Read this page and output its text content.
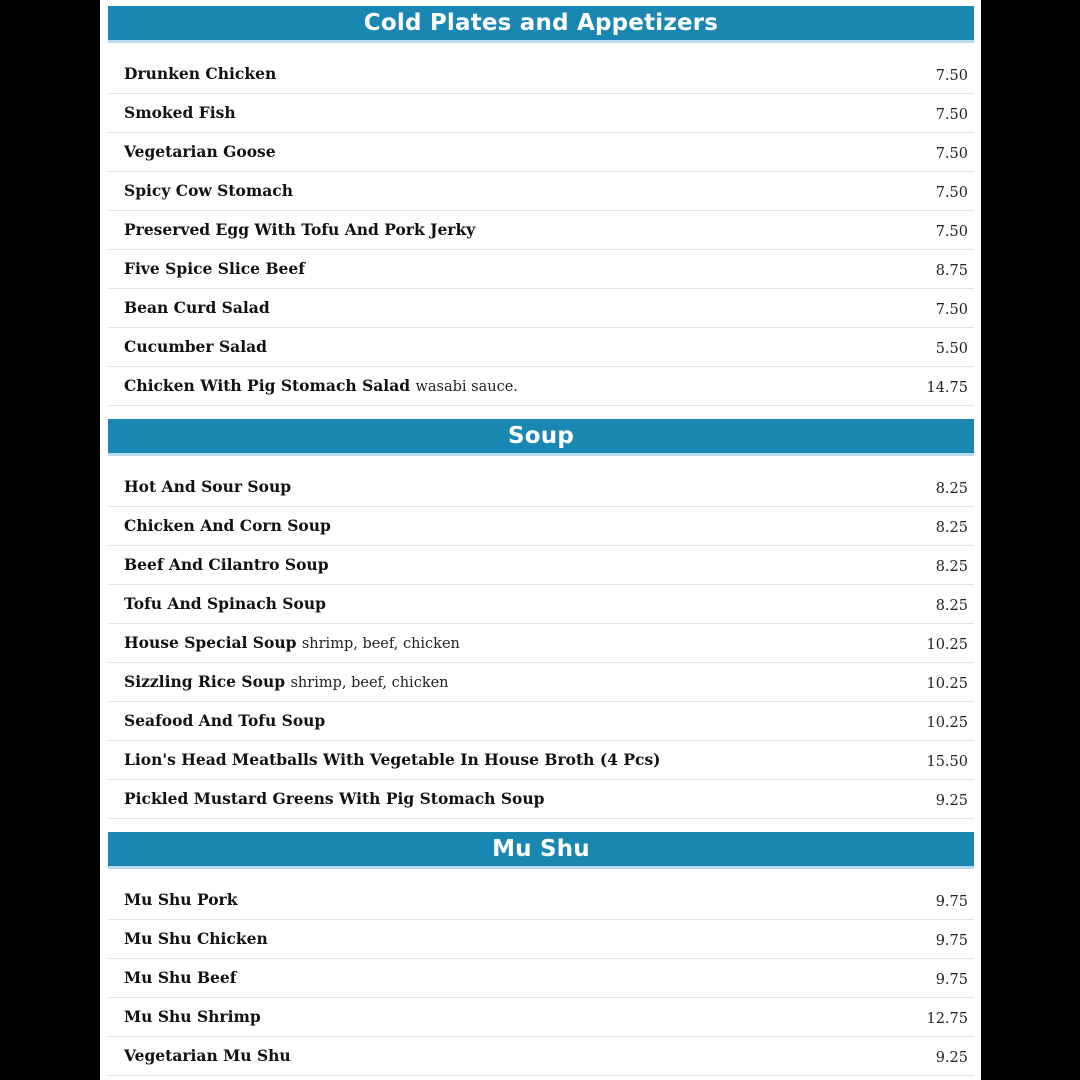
Cold Plates and Appetizers
Drunken Chicken	7.50
Smoked Fish	7.50
Vegetarian Goose	7.50
Spicy Cow Stomach	7.50
Preserved Egg With Tofu And Pork Jerky	7.50
Five Spice Slice Beef	8.75
Bean Curd Salad	7.50
Cucumber Salad	5.50
Chicken With Pig Stomach Salad wasabi sauce.	14.75
Soup
Hot And Sour Soup	8.25
Chicken And Corn Soup	8.25
Beef And Cilantro Soup	8.25
Tofu And Spinach Soup	8.25
House Special Soup shrimp, beef, chicken	10.25
Sizzling Rice Soup shrimp, beef, chicken	10.25
Seafood And Tofu Soup	10.25
Lion's Head Meatballs With Vegetable In House Broth (4 Pcs)	15.50
Pickled Mustard Greens With Pig Stomach Soup	9.25
Mu Shu
Mu Shu Pork	9.75
Mu Shu Chicken	9.75
Mu Shu Beef	9.75
Mu Shu Shrimp	12.75
Vegetarian Mu Shu	9.25
